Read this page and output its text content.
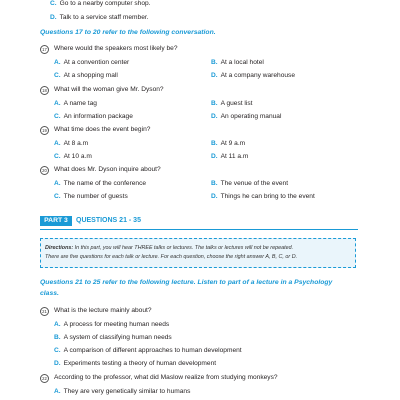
C. Go to a nearby computer shop.
D. Talk to a service staff member.
Questions 17 to 20 refer to the following conversation.
17	Where would the speakers most likely be?
A. At a convention center	B. At a local hotel
C. At a shopping mall	D. At a company warehouse
18	What will the woman give Mr. Dyson?
A. A name tag	B. A guest list
C. An information package	D. An operating manual
19	What time does the event begin?
A. At 8 a.m	B. At 9 a.m
C. At 10 a.m	D. At 11 a.m
20	What does Mr. Dyson inquire about?
A. The name of the conference	B. The venue of the event
C. The number of guests	D. Things he can bring to the event
PART 3	QUESTIONS 21 - 35
Directions: In this part, you will hear THREE talks or lectures. The talks or lectures will not be repeated.
There are five questions for each talk or lecture. For each question, choose the right answer A, B, C, or D.
Questions 21 to 25 refer to the following lecture. Listen to part of a lecture in a Psychology
class.
21	What is the lecture mainly about?
A. A process for meeting human needs
B. A system of classifying human needs
C. A comparison of different approaches to human development
D. Experiments testing a theory of human development
22	According to the professor, what did Maslow realize from studying monkeys?
A. They are very genetically similar to humans
